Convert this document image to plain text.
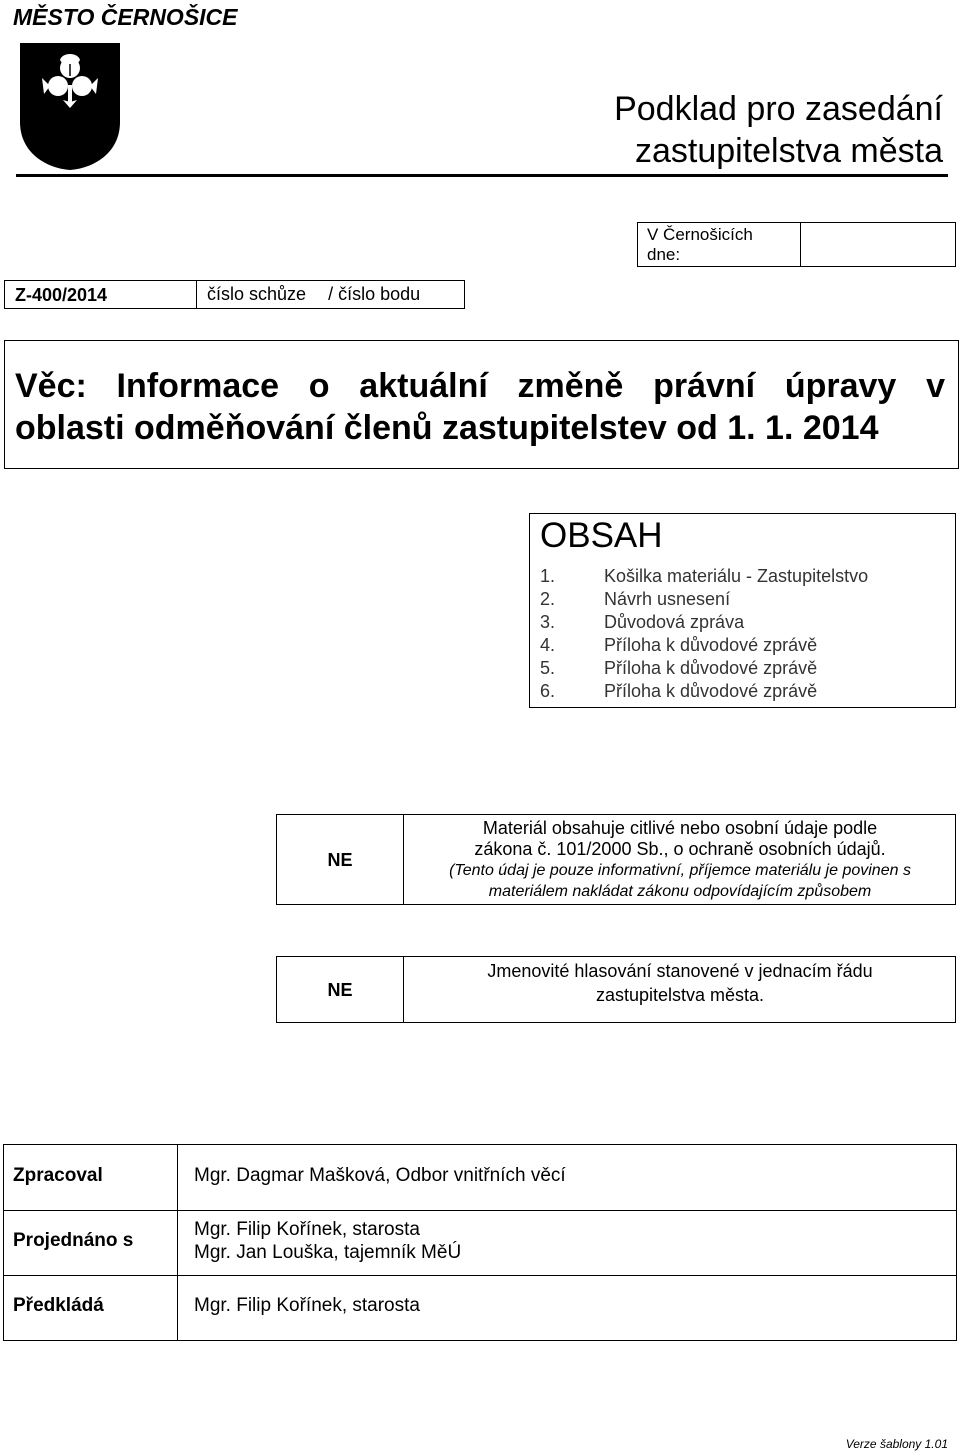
MĚSTO ČERNOŠICE
Podklad pro zasedání
zastupitelstva města
V Černošicích
dne:
Z-400/2014	číslo schůze / číslo bodu
Věc: Informace o aktuální změně právní úpravy v
oblasti odměňování členů zastupitelstev od 1. 1. 2014
OBSAH
1.	Košilka materiálu - Zastupitelstvo
2.	Návrh usnesení
3.	Důvodová zpráva
4.	Příloha k důvodové zprávě
5.	Příloha k důvodové zprávě
6.	Příloha k důvodové zprávě
NE
Materiál obsahuje citlivé nebo osobní údaje podle
zákona č. 101/2000 Sb., o ochraně osobních údajů.
(Tento údaj je pouze informativní, příjemce materiálu je povinen s
materiálem nakládat zákonu odpovídajícím způsobem
NE
Jmenovité hlasování stanovené v jednacím řádu
zastupitelstva města.
Zpracoval	Mgr. Dagmar Mašková, Odbor vnitřních věcí
Projednáno s
Mgr. Filip Kořínek, starosta
Mgr. Jan Louška, tajemník MěÚ
Předkládá	Mgr. Filip Kořínek, starosta
Verze šablony 1.01
